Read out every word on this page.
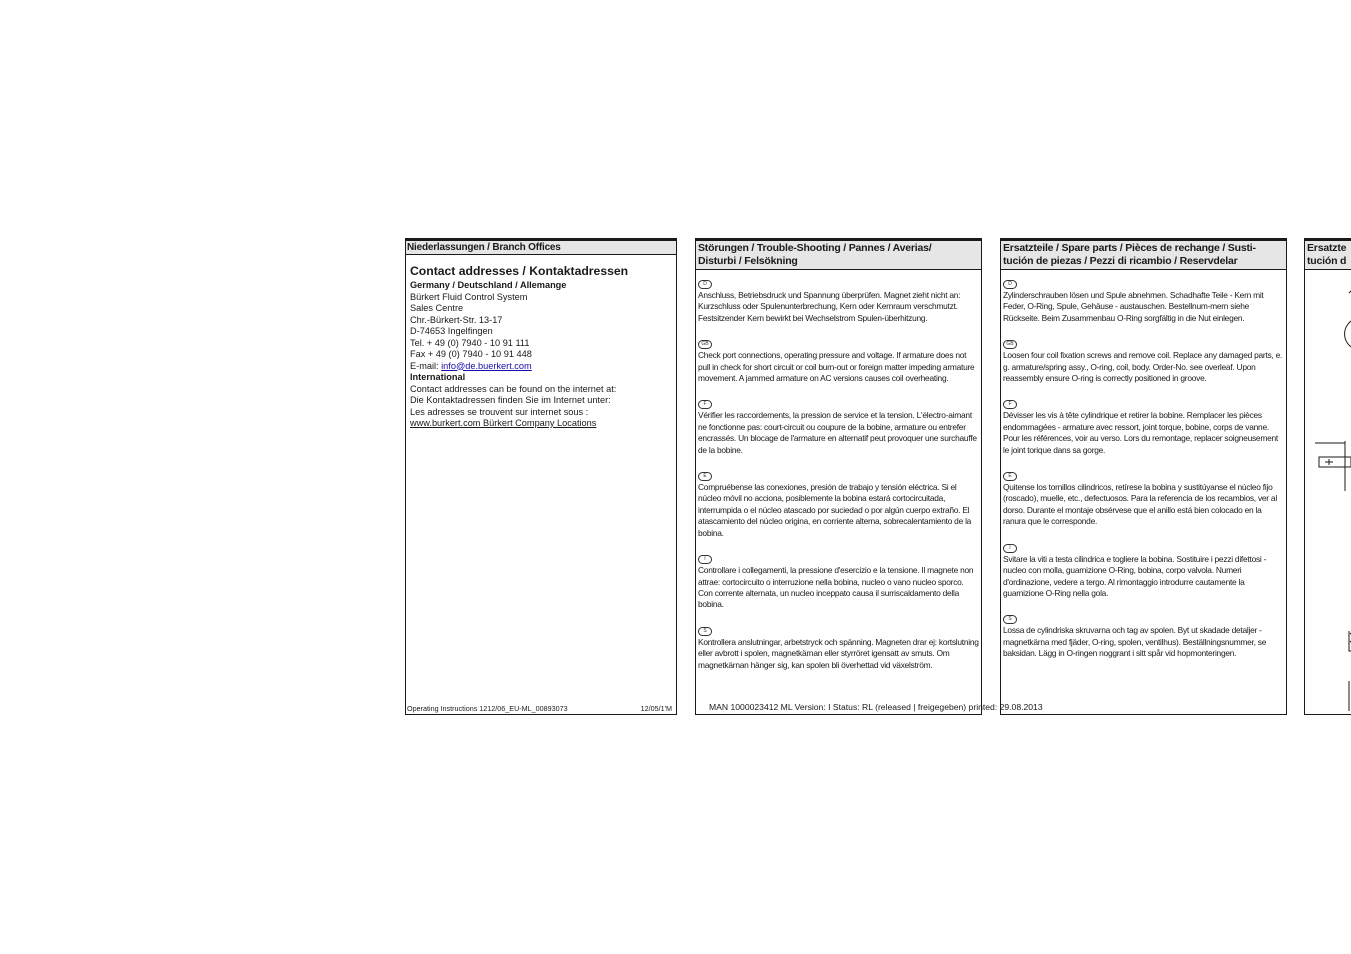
Niederlassungen / Branch Offices
Contact addresses / Kontaktadressen
Germany / Deutschland / Allemange
Bürkert Fluid Control System
Sales Centre
Chr.-Bürkert-Str. 13-17
D-74653 Ingelfingen
Tel. + 49 (0) 7940 - 10 91 111
Fax + 49 (0) 7940 - 10 91 448
E-mail: info@de.buerkert.com
International
Contact addresses can be found on the internet at:
Die Kontaktadressen finden Sie im Internet unter:
Les adresses se trouvent sur internet sous :
www.burkert.com Bürkert Company Locations
Operating Instructions 1212/06_EU-ML_00893073	12/05/1'M
Störungen / Trouble-Shooting / Pannes / Averias/
Disturbi / Felsökning
D

Anschluss, Betriebsdruck und Spannung überprüfen. Magnet zieht nicht an: Kurzschluss oder Spulenunterbrechung, Kern oder Kernraum verschmutzt. Festsitzender Kern bewirkt bei Wechselstrom Spulen-überhitzung.

GB

Check port connections, operating pressure and voltage. If armature does not pull in check for short circuit or coil burn-out or foreign matter impeding armature movement. A jammed armature on AC versions causes coil overheating.

F

Vérifier les raccordements, la pression de service et la tension. L'électro-aimant ne fonctionne pas: court-circuit ou coupure de la bobine, armature ou entrefer encrassés. Un blocage de l'armature en alternatif peut provoquer une surchauffe de la bobine.

E

Compruébense las conexiones, presión de trabajo y tensión eléctrica. Si el núcleo móvil no acciona, posiblemente la bobina estará cortocircuitada, interrumpida o el núcleo atascado por suciedad o por algún cuerpo extraño. El atascamiento del núcleo origina, en corriente alterna, sobrecalentamiento de la bobina.

I

Controllare i collegamenti, la pressione d'esercizio e la tensione. Il magnete non attrae: cortocircuito o interruzione nella bobina, nucleo o vano nucleo sporco. Con corrente alternata, un nucleo inceppato causa il surriscaldamento della bobina.

S

Kontrollera anslutningar, arbetstryck och spänning. Magneten drar ej: kortslutning eller avbrott i spolen, magnetkärnan eller styrröret igensatt av smuts. Om magnetkärnan hänger sig, kan spolen bli överhettad vid växelström.

MAN 1000023412 ML Version: I Status: RL (released | freigegeben) printed: 29.08.2013
Ersatzteile / Spare parts / Pièces de rechange / Susti-
tución de piezas / Pezzi di ricambio / Reservdelar
D

Zylinderschrauben lösen und Spule abnehmen. Schadhafte Teile - Kern mit Feder, O-Ring, Spule, Gehäuse - austauschen. Bestellnum-mern siehe Rückseite. Beim Zusammenbau O-Ring sorgfältig in die Nut einlegen.

GB

Loosen four coil fixation screws and remove coil. Replace any damaged parts, e. g. armature/spring assy., O-ring, coil, body. Order-No. see overleaf. Upon reassembly ensure O-ring is correctly positioned in groove.

F

Dévisser les vis à tête cylindrique et retirer la bobine. Remplacer les pièces endommagées - armature avec ressort, joint torque, bobine, corps de vanne. Pour les références, voir au verso. Lors du remontage, replacer soigneusement le joint torique dans sa gorge.

E

Quitense los tornillos cilindricos, retírese la bobina y sustitúyanse el núcleo fijo (roscado), muelle, etc., defectuosos. Para la referencia de los recambios, ver al dorso. Durante el montaje obsérvese que el anillo está bien colocado en la ranura que le corresponde.

I

Svitare la viti a testa cilindrica e togliere la bobina. Sostituire i pezzi difettosi - nucleo con molla, guarnizione O-Ring, bobina, corpo valvola. Numeri d'ordinazione, vedere a tergo. Al rimontaggio introdurre cautamente la guarnizione O-Ring nella gola.

S

Lossa de cylindriska skruvarna och tag av spolen. Byt ut skadade detaljer - magnetkärna med fjäder, O-ring, spolen, ventilhus). Beställningsnummer, se baksidan. Lägg in O-ringen noggrant i sitt spår vid hopmonteringen.

Ersatzte
tución d
